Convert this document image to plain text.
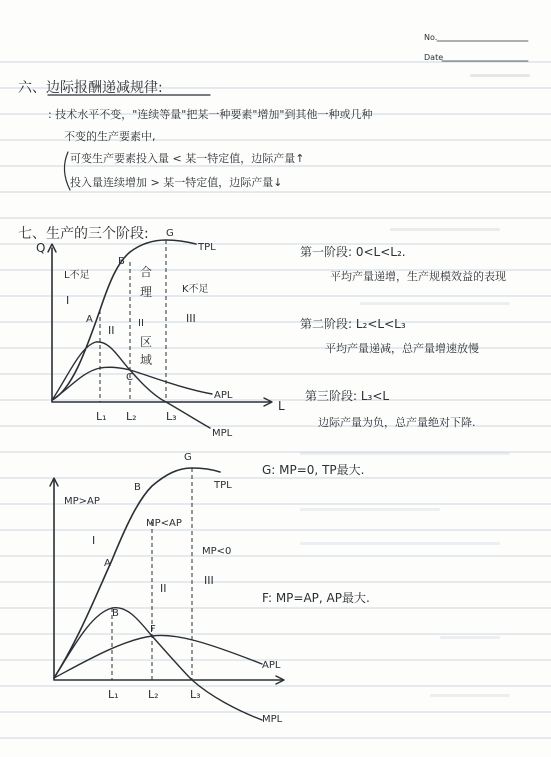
No.
Date
六、边际报酬递减规律:
: 技术水平不变，"连续等量"把某一种要素"增加"到其他一种或几种
不变的生产要素中,
可变生产要素投入量 < 某一特定值，边际产量↑
投入量连续增加 > 某一特定值，边际产量↓
七、生产的三个阶段:
第一阶段: 0<L<L₂.
平均产量递增，生产规模效益的表现
第二阶段: L₂<L<L₃
平均产量递减，总产量增速放慢
第三阶段: L₃<L
边际产量为负，总产量绝对下降.
Q
L
TPL
APL
MPL
L不足
K不足
I
II
III
II
合
理
区
域
A
B
C
G
L₁ L₂	L₃
TPL
APL
MPL
MP>AP
MP<AP
MP<0
I
II
III
A
B
B
G
F
L₁	L₂	L₃
G: MP=0, TP最大.
F: MP=AP, AP最大.
